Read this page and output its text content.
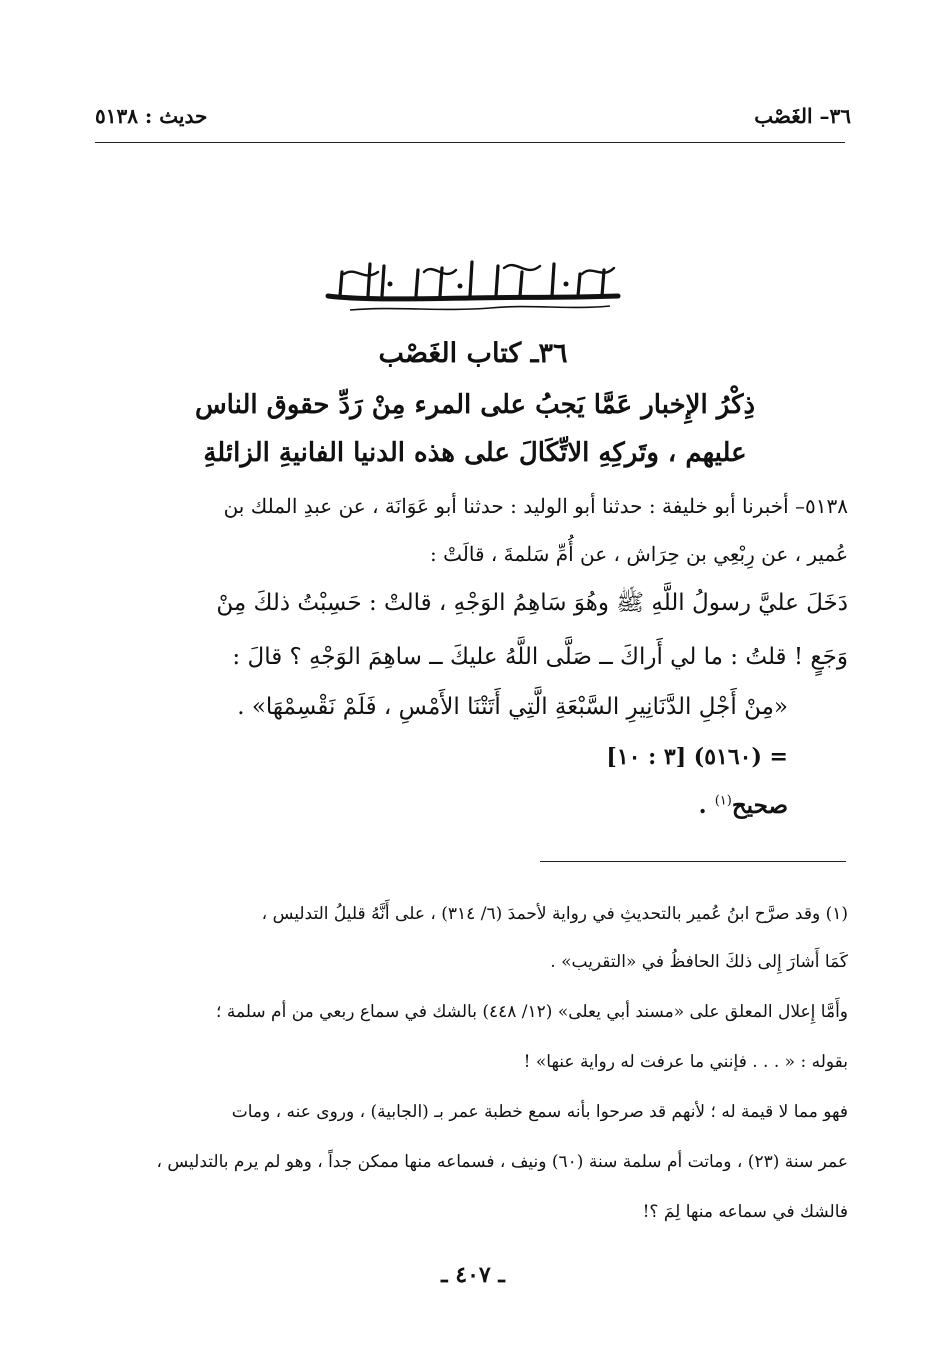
٣٦– الغَصْب
حديث : ٥١٣٨
٣٦ـ كتاب الغَصْب
ذِكْرُ الإِخبار عَمَّا يَجبُ على المرء مِنْ رَدِّ حقوق الناس
عليهم ، وتَركِهِ الاتِّكَالَ على هذه الدنيا الفانيةِ الزائلةِ
٥١٣٨– أخبرنا أبو خليفة : حدثنا أبو الوليد : حدثنا أبو عَوَانَة ، عن عبدِ الملك بن
عُمير ، عن رِبْعِي بن حِرَاش ، عن أُمِّ سَلمةَ ، قالَتْ :
دَخَلَ عليَّ رسولُ اللَّهِ ﷺ وهُوَ سَاهِمُ الوَجْهِ ، قالتْ : حَسِبْتُ ذلكَ مِنْ
وَجَعٍ ! قلتُ : ما لي أَراكَ ــ صَلَّى اللَّهُ عليكَ ــ ساهِمَ الوَجْهِ ؟ قالَ :
«مِنْ أَجْلِ الدَّنَانِيرِ السَّبْعَةِ الَّتِي أَتَتْنَا الأَمْسِ ، فَلَمْ نَقْسِمْهَا» .
= (٥١٦٠) [٣ : ١٠]
صحيح$^{(١)}$ .
(١) وقد صرَّح ابنُ عُمير بالتحديثِ في رواية لأحمدَ (٦/ ٣١٤) ، على أَنَّهُ قليلُ التدليس ،
كَمَا أَشارَ إِلى ذلكَ الحافظُ في «التقريب» .
وأَمَّا إِعلال المعلق على «مسند أبي يعلى» (١٢/ ٤٤٨) بالشك في سماع ربعي من أم سلمة ؛
بقوله : « . . . فإنني ما عرفت له رواية عنها» !
فهو مما لا قيمة له ؛ لأنهم قد صرحوا بأنه سمع خطبة عمر بـ (الجابية) ، وروى عنه ، ومات
عمر سنة (٢٣) ، وماتت أم سلمة سنة (٦٠) ونيف ، فسماعه منها ممكن جداً ، وهو لم يرم بالتدليس ،
فالشك في سماعه منها لِمَ ؟!
ـ ٤٠٧ ـ
